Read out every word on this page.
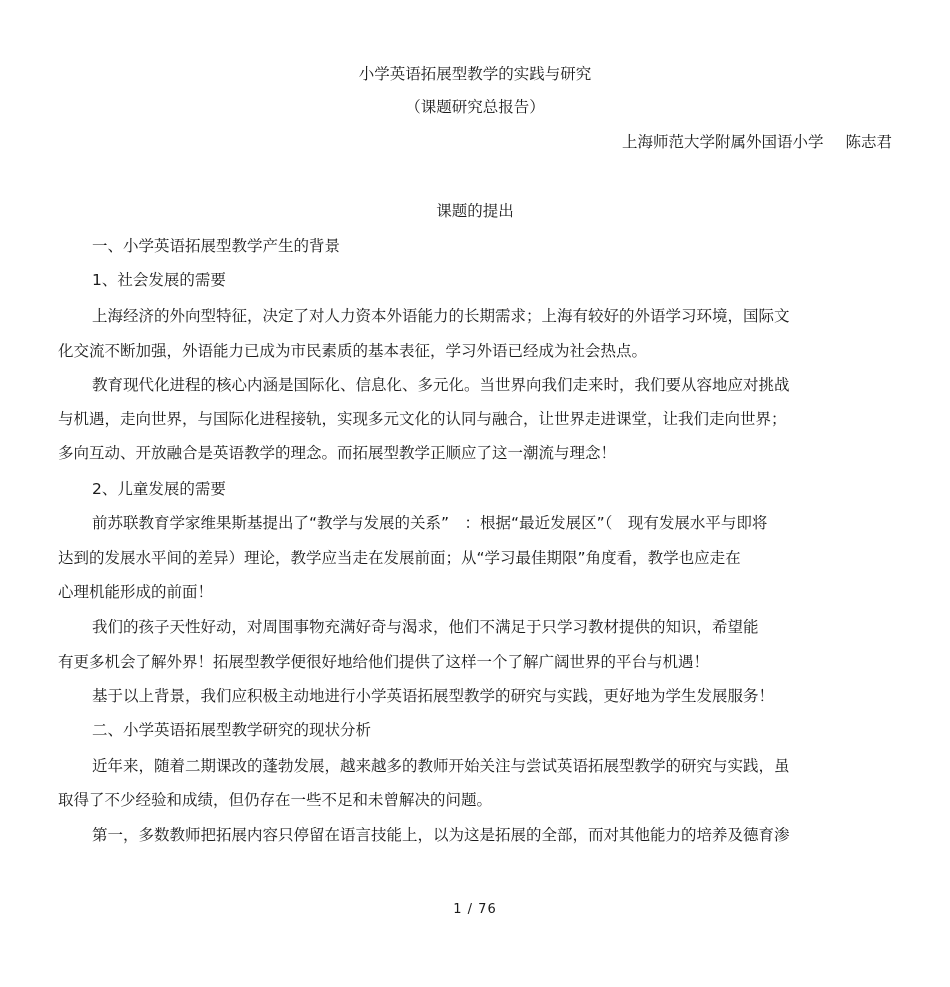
小学英语拓展型教学的实践与研究
（课题研究总报告）
上海师范大学附属外国语小学 陈志君
课题的提出
一、小学英语拓展型教学产生的背景
1、社会发展的需要
上海经济的外向型特征，决定了对人力资本外语能力的长期需求；上海有较好的外语学习环境，国际文
化交流不断加强，外语能力已成为市民素质的基本表征，学习外语已经成为社会热点。
教育现代化进程的核心内涵是国际化、信息化、多元化。当世界向我们走来时，我们要从容地应对挑战
与机遇，走向世界，与国际化进程接轨，实现多元文化的认同与融合，让世界走进课堂，让我们走向世界；
多向互动、开放融合是英语教学的理念。而拓展型教学正顺应了这一潮流与理念！
2、儿童发展的需要
前苏联教育学家维果斯基提出了“教学与发展的关系”　：根据“最近发展区”（　现有发展水平与即将
达到的发展水平间的差异）理论，教学应当走在发展前面；从“学习最佳期限”角度看，教学也应走在
心理机能形成的前面！
我们的孩子天性好动，对周围事物充满好奇与渴求，他们不满足于只学习教材提供的知识，希望能
有更多机会了解外界！拓展型教学便很好地给他们提供了这样一个了解广阔世界的平台与机遇！
基于以上背景，我们应积极主动地进行小学英语拓展型教学的研究与实践，更好地为学生发展服务！
二、小学英语拓展型教学研究的现状分析
近年来，随着二期课改的蓬勃发展，越来越多的教师开始关注与尝试英语拓展型教学的研究与实践，虽
取得了不少经验和成绩，但仍存在一些不足和未曾解决的问题。
第一，多数教师把拓展内容只停留在语言技能上，以为这是拓展的全部，而对其他能力的培养及德育渗
1 / 76
